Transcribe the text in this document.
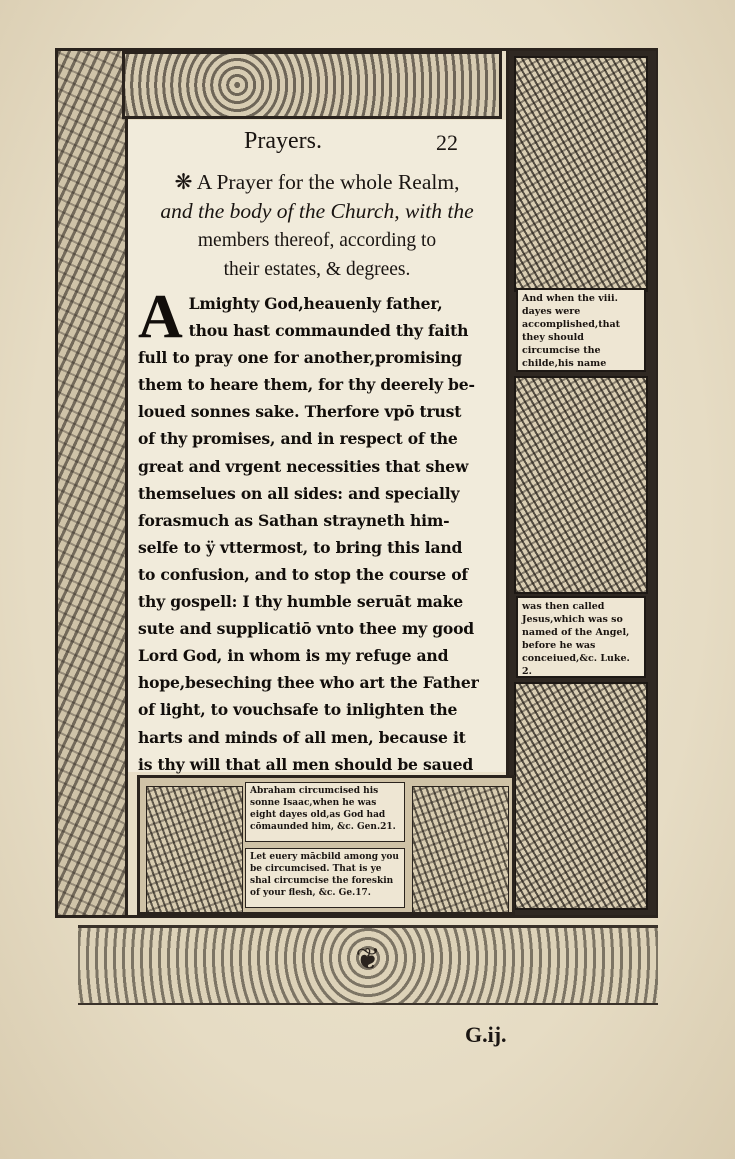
And when the viii. dayes were accomplished,that they should circumcise the childe,his name
was then called Jesus,which was so named of the Angel, before he was conceiued,&c. Luke. 2.
Prayers.	22
❋ A Prayer for the whole Realm,
and the body of the Church, with the
members thereof, according to
their estates, & degrees.
A Lmighty God,heauenly father,
thou hast commaunded thy faith
full to pray one for another,promising
them to heare them, for thy deerely be-
loued sonnes sake. Therfore vpō trust
of thy promises, and in respect of the
great and vrgent necessities that shew
themselues on all sides: and specially
forasmuch as Sathan strayneth him-
selfe to ÿ vttermost, to bring this land
to confusion, and to stop the course of
thy gospell: I thy humble seruāt make
sute and supplicatiō vnto thee my good
Lord God, in whom is my refuge and
hope,beseching thee who art the Father
of light, to vouchsafe to inlighten the
harts and minds of all men, because it
is thy will that all men should be saued
Abraham circumcised his sonne Isaac,when he was eight dayes old,as God had cōmaunded him, &c. Gen.21.
Let euery mācbild among you be circumcised. That is ye shal circumcise the foreskin of your flesh, &c. Ge.17.
❦
G.ij.
